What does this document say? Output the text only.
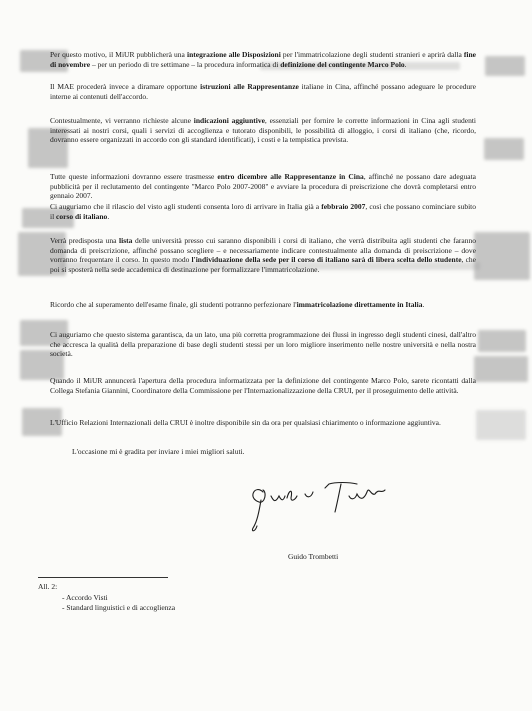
Per questo motivo, il MiUR pubblicherà una integrazione alle Disposizioni per l'immatricolazione degli studenti stranieri e aprirà dalla fine di novembre – per un periodo di tre settimane – la procedura informatica di definizione del contingente Marco Polo.

Il MAE procederà invece a diramare opportune istruzioni alle Rappresentanze italiane in Cina, affinché possano adeguare le procedure interne ai contenuti dell'accordo.

Contestualmente, vi verranno richieste alcune indicazioni aggiuntive, essenziali per fornire le corrette informazioni in Cina agli studenti interessati ai nostri corsi, quali i servizi di accoglienza e tutorato disponibili, le possibilità di alloggio, i corsi di italiano (che, ricordo, dovranno essere organizzati in accordo con gli standard identificati), i costi e la tempistica prevista.

Tutte queste informazioni dovranno essere trasmesse entro dicembre alle Rappresentanze in Cina, affinché ne possano dare adeguata pubblicità per il reclutamento del contingente "Marco Polo 2007-2008" e avviare la procedura di preiscrizione che dovrà completarsi entro gennaio 2007.

Ci auguriamo che il rilascio del visto agli studenti consenta loro di arrivare in Italia già a febbraio 2007, così che possano cominciare subito il corso di italiano.

Verrà predisposta una lista delle università presso cui saranno disponibili i corsi di italiano, che verrà distribuita agli studenti che faranno domanda di preiscrizione, affinché possano scegliere – e necessariamente indicare contestualmente alla domanda di preiscrizione – dove vorranno frequentare il corso. In questo modo l'individuazione della sede per il corso di italiano sarà di libera scelta dello studente, che poi si sposterà nella sede accademica di destinazione per formalizzare l'immatricolazione.

Ricordo che al superamento dell'esame finale, gli studenti potranno perfezionare l'immatricolazione direttamente in Italia.

Ci auguriamo che questo sistema garantisca, da un lato, una più corretta programmazione dei flussi in ingresso degli studenti cinesi, dall'altro che accresca la qualità della preparazione di base degli studenti stessi per un loro migliore inserimento nelle nostre università e nella nostra società.

Quando il MiUR annuncerà l'apertura della procedura informatizzata per la definizione del contingente Marco Polo, sarete ricontatti dalla Collega Stefania Giannini, Coordinatore della Commissione per l'Internazionalizzazione della CRUI, per il proseguimento delle attività.

L'Ufficio Relazioni Internazionali della CRUI è inoltre disponibile sin da ora per qualsiasi chiarimento o informazione aggiuntiva.

L'occasione mi è gradita per inviare i miei migliori saluti.

Guido Trombetti
All. 2:
- Accordo Visti
- Standard linguistici e di accoglienza
